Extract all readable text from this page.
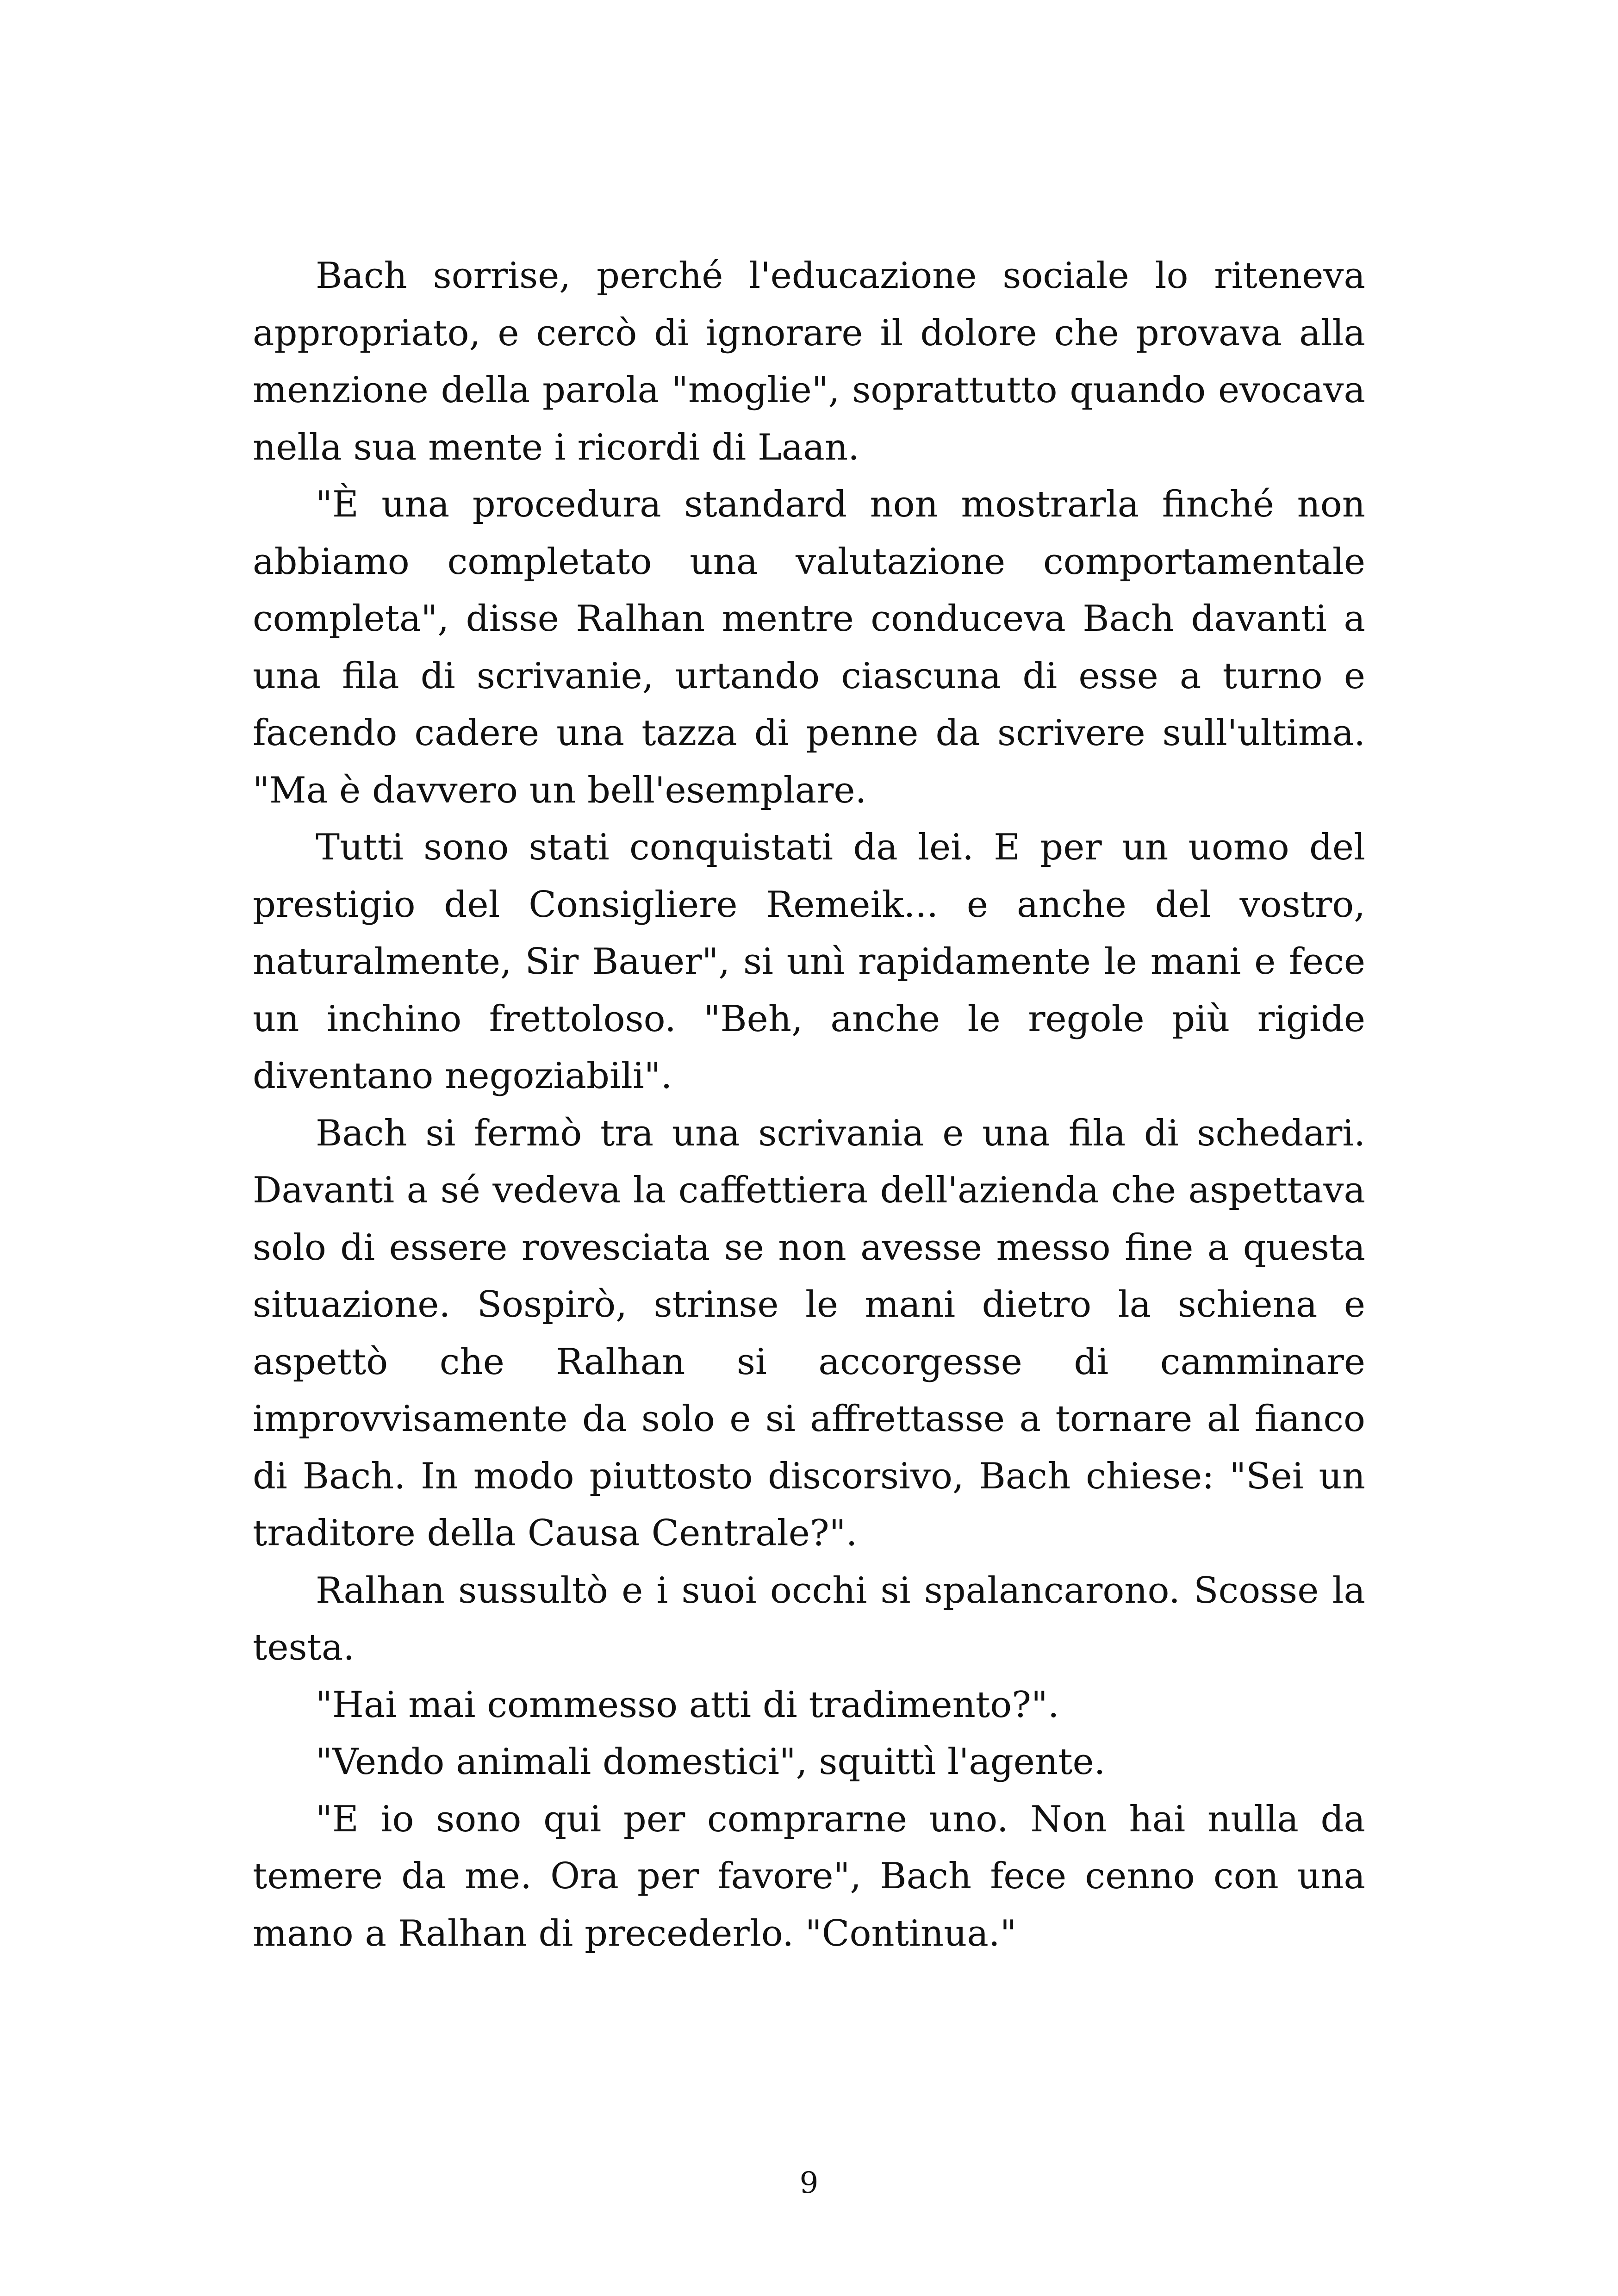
Bach sorrise, perché l'educazione sociale lo riteneva appropriato, e cercò di ignorare il dolore che provava alla menzione della parola "moglie", soprattutto quando evocava nella sua mente i ricordi di Laan.

"È una procedura standard non mostrarla finché non abbiamo completato una valutazione comportamentale completa", disse Ralhan mentre conduceva Bach davanti a una fila di scrivanie, urtando ciascuna di esse a turno e facendo cadere una tazza di penne da scrivere sull'ultima. "Ma è davvero un bell'esemplare.

Tutti sono stati conquistati da lei. E per un uomo del prestigio del Consigliere Remeik... e anche del vostro, naturalmente, Sir Bauer", si unì rapidamente le mani e fece un inchino frettoloso. "Beh, anche le regole più rigide diventano negoziabili".

Bach si fermò tra una scrivania e una fila di schedari. Davanti a sé vedeva la caffettiera dell'azienda che aspettava solo di essere rovesciata se non avesse messo fine a questa situazione. Sospirò, strinse le mani dietro la schiena e aspettò che Ralhan si accorgesse di camminare improvvisamente da solo e si affrettasse a tornare al fianco di Bach. In modo piuttosto discorsivo, Bach chiese: "Sei un traditore della Causa Centrale?".

Ralhan sussultò e i suoi occhi si spalancarono. Scosse la testa.

"Hai mai commesso atti di tradimento?".

"Vendo animali domestici", squittì l'agente.

"E io sono qui per comprarne uno. Non hai nulla da temere da me. Ora per favore", Bach fece cenno con una mano a Ralhan di precederlo. "Continua."

9
